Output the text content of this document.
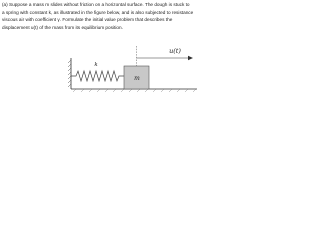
(a) Suppose a mass m slides without friction on a horizontal surface. The dough is stuck to
a spring with constant k, as illustrated in the figure below, and is also subjected to resistance
viscous air with coefficient γ. Formulate the initial value problem that describes the
displacement u(t) of the mass from its equilibrium position.
u(t)
k
m
